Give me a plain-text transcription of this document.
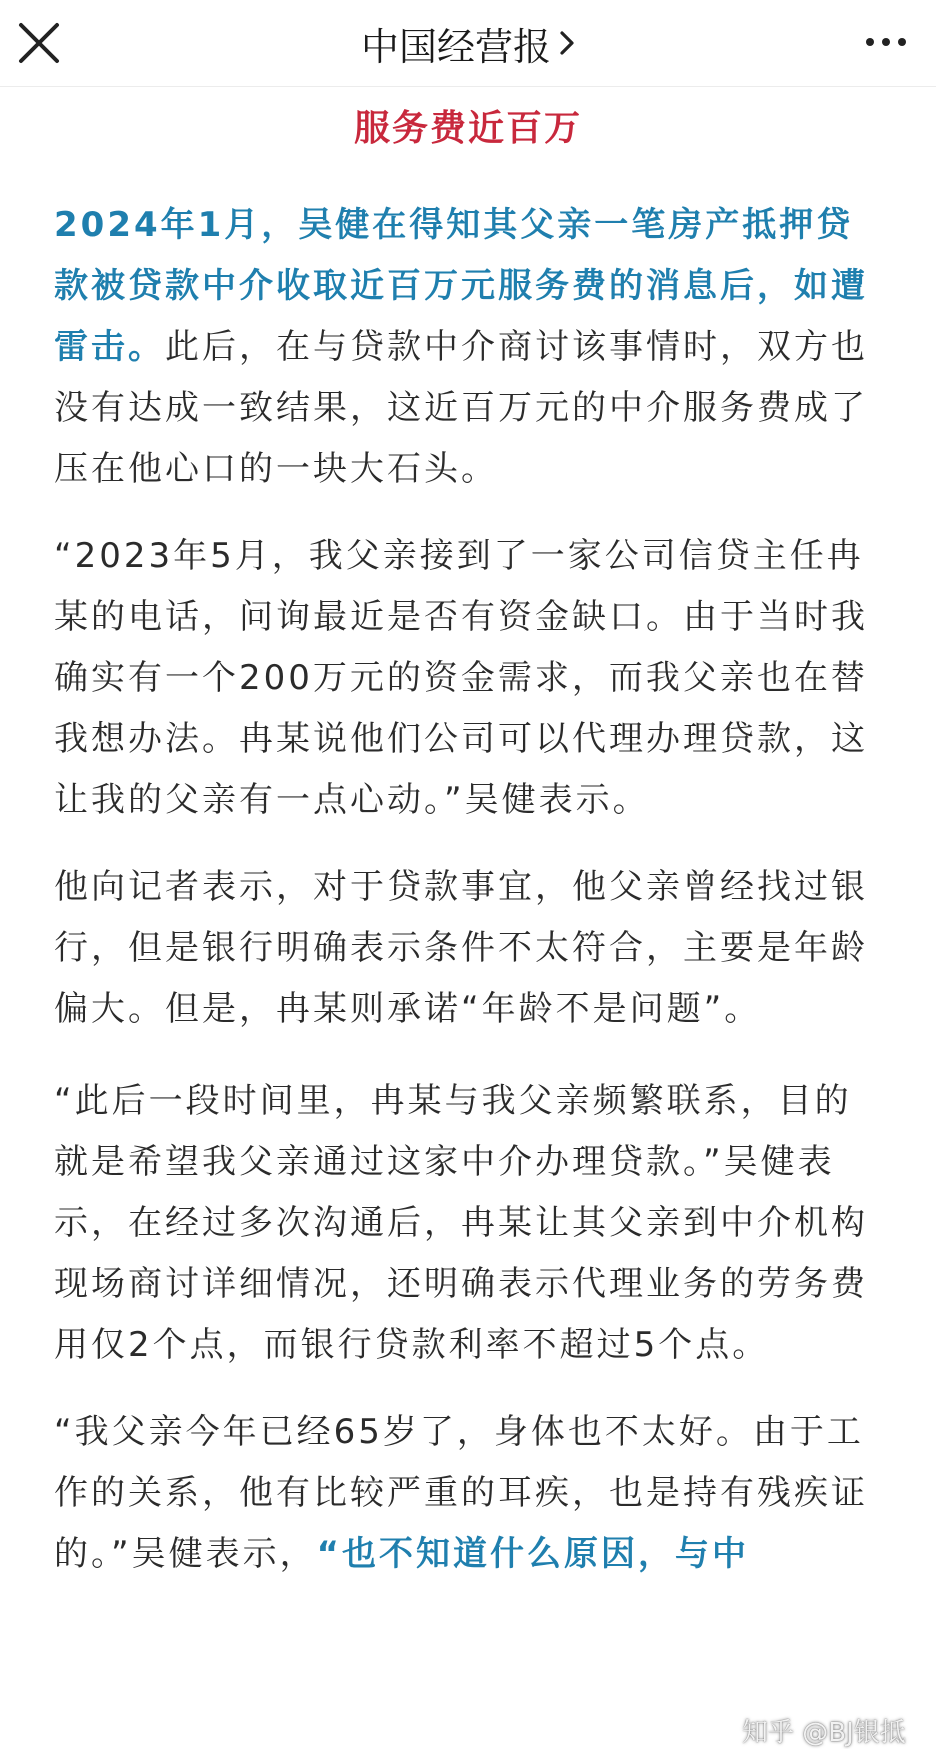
中国经营报
服务费近百万
2024年1月，吴健在得知其父亲一笔房产抵押贷款被贷款中介收取近百万元服务费的消息后，如遭雷击。此后，在与贷款中介商讨该事情时，双方也没有达成一致结果，这近百万元的中介服务费成了压在他心口的一块大石头。
“2023年5月，我父亲接到了一家公司信贷主任冉某的电话，问询最近是否有资金缺口。由于当时我确实有一个200万元的资金需求，而我父亲也在替我想办法。冉某说他们公司可以代理办理贷款，这让我的父亲有一点心动。”吴健表示。
他向记者表示，对于贷款事宜，他父亲曾经找过银行，但是银行明确表示条件不太符合，主要是年龄偏大。但是，冉某则承诺“年龄不是问题”。
“此后一段时间里，冉某与我父亲频繁联系，目的就是希望我父亲通过这家中介办理贷款。”吴健表示，在经过多次沟通后，冉某让其父亲到中介机构现场商讨详细情况，还明确表示代理业务的劳务费用仅2个点，而银行贷款利率不超过5个点。
“我父亲今年已经65岁了，身体也不太好。由于工作的关系，他有比较严重的耳疾，也是持有残疾证的。”吴健表示，“也不知道什么原因，与中
知乎 @BJ银抵
